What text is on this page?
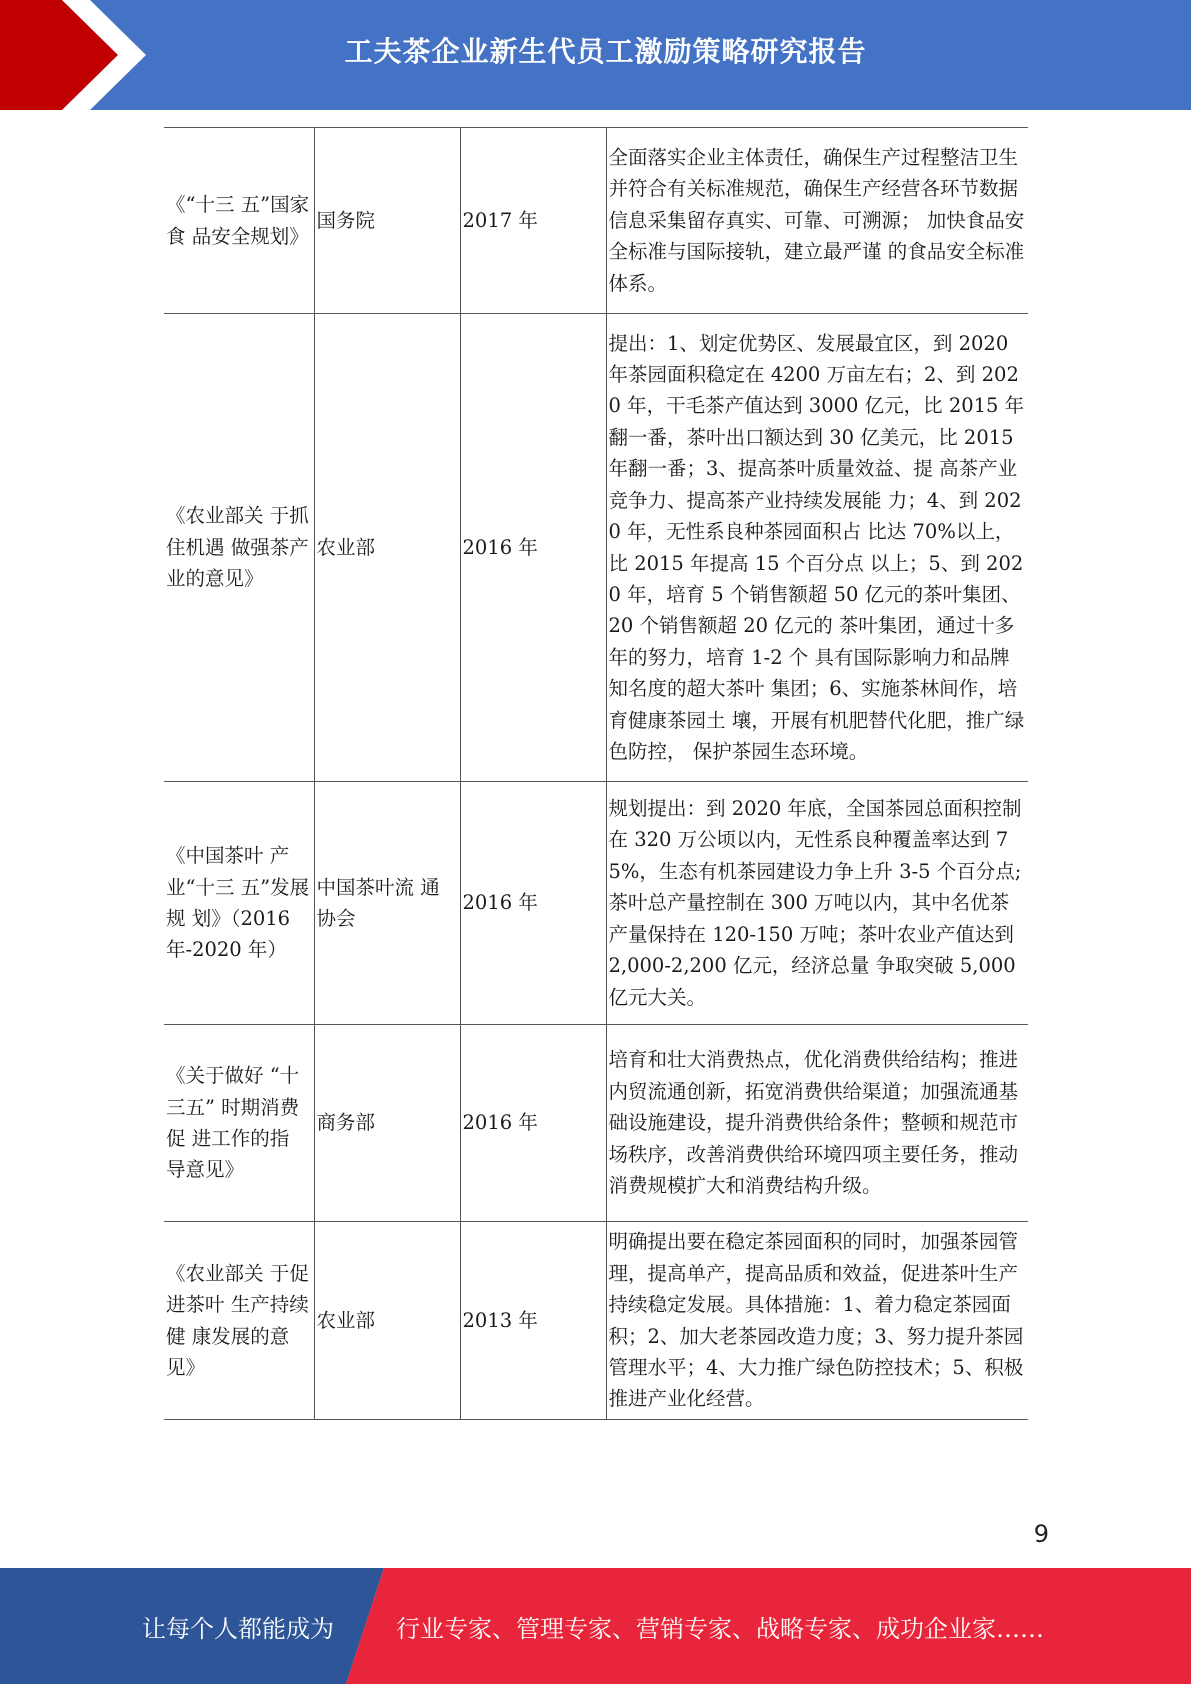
工夫茶企业新生代员工激励策略研究报告
《“十三 五”国家食 品安全规划》	国务院	2017 年	全面落实企业主体责任，确保生产过程整洁卫生并符合有关标准规范，确保生产经营各环节数据信息采集留存真实、可靠、可溯源； 加快食品安全标准与国际接轨，建立最严谨 的食品安全标准体系。
《农业部关 于抓住机遇 做强茶产业的意见》	农业部	2016 年	提出：1、划定优势区、发展最宜区，到 2020 年茶园面积稳定在 4200 万亩左右；2、到 2020 年，干毛茶产值达到 3000 亿元，比 2015 年翻一番，茶叶出口额达到 30 亿美元，比 2015 年翻一番；3、提高茶叶质量效益、提 高茶产业竞争力、提高茶产业持续发展能 力；4、到 2020 年，无性系良种茶园面积占 比达 70%以上，比 2015 年提高 15 个百分点 以上；5、到 2020 年，培育 5 个销售额超 50 亿元的茶叶集团、20 个销售额超 20 亿元的 茶叶集团，通过十多年的努力，培育 1-2 个 具有国际影响力和品牌知名度的超大茶叶 集团；6、实施茶林间作，培育健康茶园土 壤，开展有机肥替代化肥，推广绿色防控， 保护茶园生态环境。
《中国茶叶 产业“十三 五”发展规 划》（2016 年-2020 年）	中国茶叶流 通协会	2016 年	规划提出：到 2020 年底，全国茶园总面积控制在 320 万公顷以内，无性系良种覆盖率达到 75%，生态有机茶园建设力争上升 3-5 个百分点;茶叶总产量控制在 300 万吨以内，其中名优茶产量保持在 120-150 万吨；茶叶农业产值达到 2,000-2,200 亿元，经济总量 争取突破 5,000 亿元大关。
《关于做好 “十三五” 时期消费促 进工作的指 导意见》	商务部	2016 年	培育和壮大消费热点，优化消费供给结构；推进内贸流通创新，拓宽消费供给渠道；加强流通基础设施建设，提升消费供给条件；整顿和规范市场秩序，改善消费供给环境四项主要任务，推动消费规模扩大和消费结构升级。
《农业部关 于促进茶叶 生产持续健 康发展的意 见》	农业部	2013 年	明确提出要在稳定茶园面积的同时，加强茶园管理，提高单产，提高品质和效益，促进茶叶生产持续稳定发展。具体措施：1、着力稳定茶园面积；2、加大老茶园改造力度；3、努力提升茶园管理水平；4、大力推广绿色防控技术；5、积极推进产业化经营。
9
让每个人都能成为	行业专家、管理专家、营销专家、战略专家、成功企业家……
